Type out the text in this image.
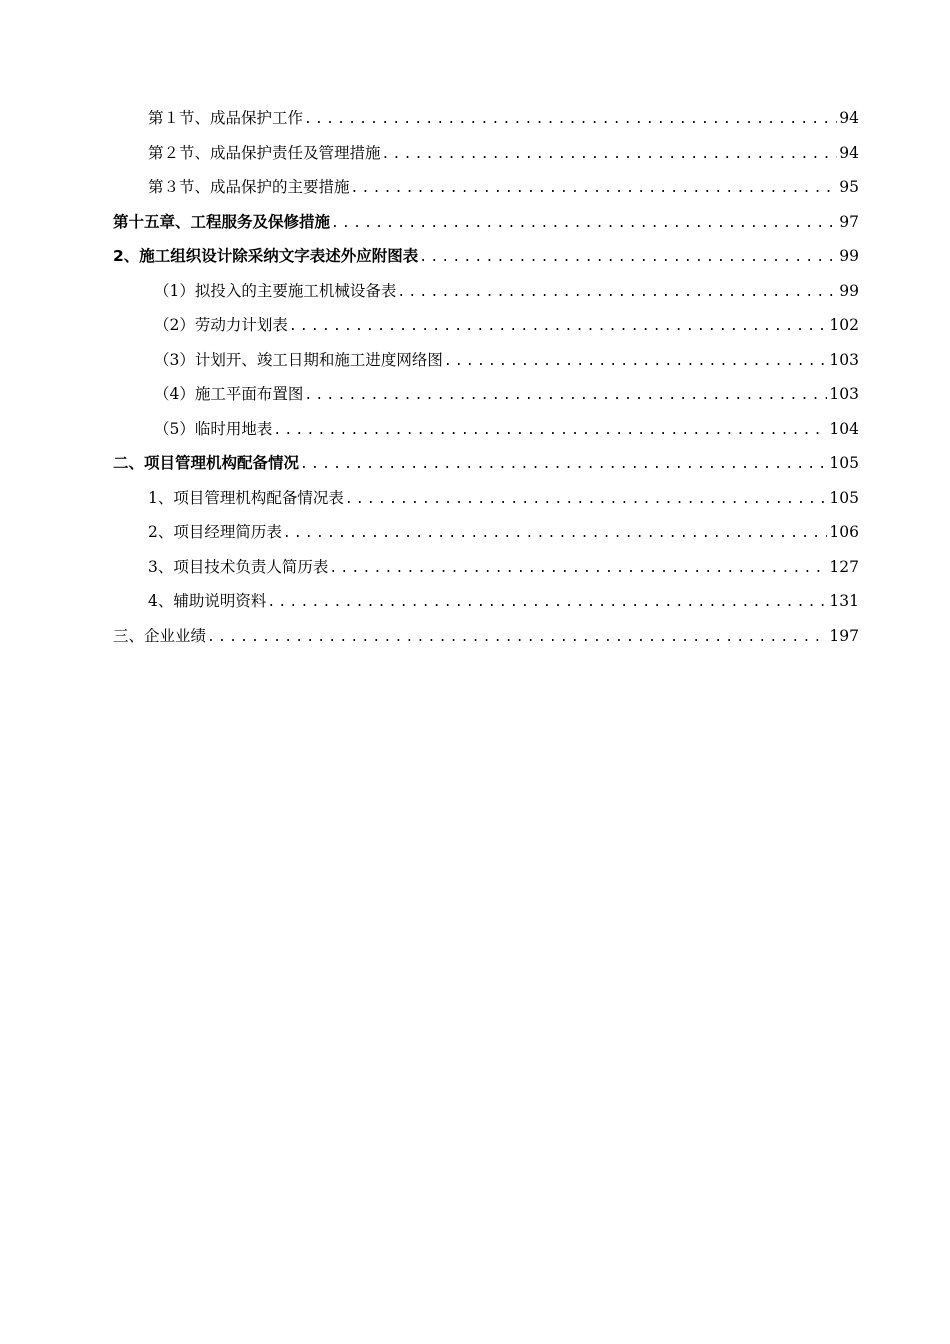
第１节、成品保护工作 .....	94
第２节、成品保护责任及管理措施 .....	94
第３节、成品保护的主要措施 .....	95
第十五章、工程服务及保修措施 .....	97
2、施工组织设计除采纳文字表述外应附图表 .....	99
（1）拟投入的主要施工机械设备表 .....	99
（2）劳动力计划表 .....	102
（3）计划开、竣工日期和施工进度网络图 .....	103
（4）施工平面布置图 .....	103
（5）临时用地表 .....	104
二、项目管理机构配备情况 .....	105
1、项目管理机构配备情况表 .....	105
2、项目经理简历表 .....	106
3、项目技术负责人简历表 .....	127
4、辅助说明资料 .....	131
三、企业业绩 .....	197
